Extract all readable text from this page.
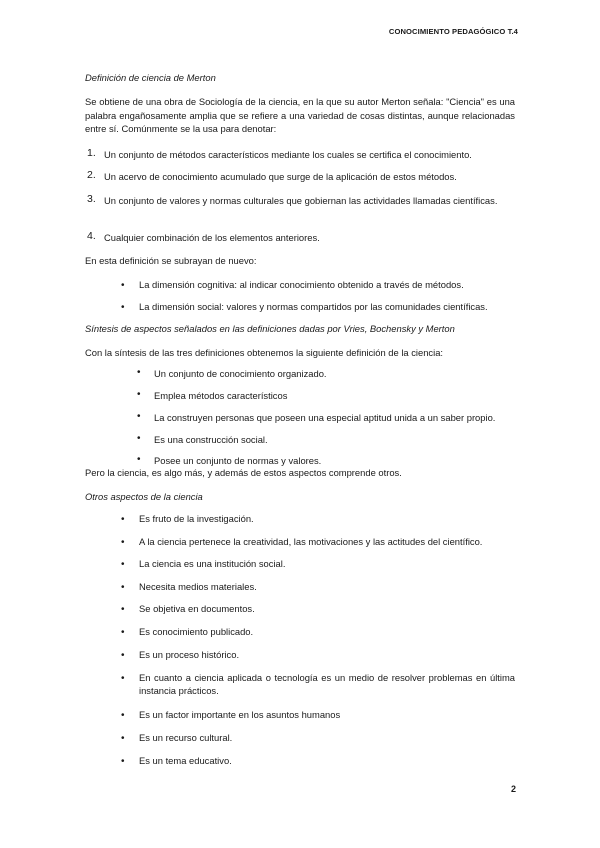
CONOCIMIENTO PEDAGÓGICO T.4
Definición de ciencia de Merton
Se obtiene de una obra de Sociología de la ciencia, en la que su autor Merton señala: "Ciencia" es una palabra engañosamente amplia que se refiere a una variedad de cosas distintas, aunque relacionadas entre sí. Comúnmente se la usa para denotar:
1. Un conjunto de métodos característicos mediante los cuales se certifica el conocimiento.
2. Un acervo de conocimiento acumulado que surge de la aplicación de estos métodos.
3. Un conjunto de valores y normas culturales que gobiernan las actividades llamadas científicas.
4. Cualquier combinación de los elementos anteriores.
En esta definición se subrayan de nuevo:
• La dimensión cognitiva: al indicar conocimiento obtenido a través de métodos.
• La dimensión social: valores y normas compartidos por las comunidades científicas.
Síntesis de aspectos señalados en las definiciones dadas por Vries, Bochensky y Merton
Con la síntesis de las tres definiciones obtenemos la siguiente definición de la ciencia:
• Un conjunto de conocimiento organizado.
• Emplea métodos característicos
• La construyen personas que poseen una especial aptitud unida a un saber propio.
• Es una construcción social.
• Posee un conjunto de normas y valores.
Pero la ciencia, es algo más, y además de estos aspectos comprende otros.
Otros aspectos de la ciencia
• Es fruto de la investigación.
• A la ciencia pertenece la creatividad, las motivaciones y las actitudes del científico.
• La ciencia es una institución social.
• Necesita medios materiales.
• Se objetiva en documentos.
• Es conocimiento publicado.
• Es un proceso histórico.
• En cuanto a ciencia aplicada o tecnología es un medio de resolver problemas en última instancia prácticos.
• Es un factor importante en los asuntos humanos
• Es un recurso cultural.
• Es un tema educativo.
2
